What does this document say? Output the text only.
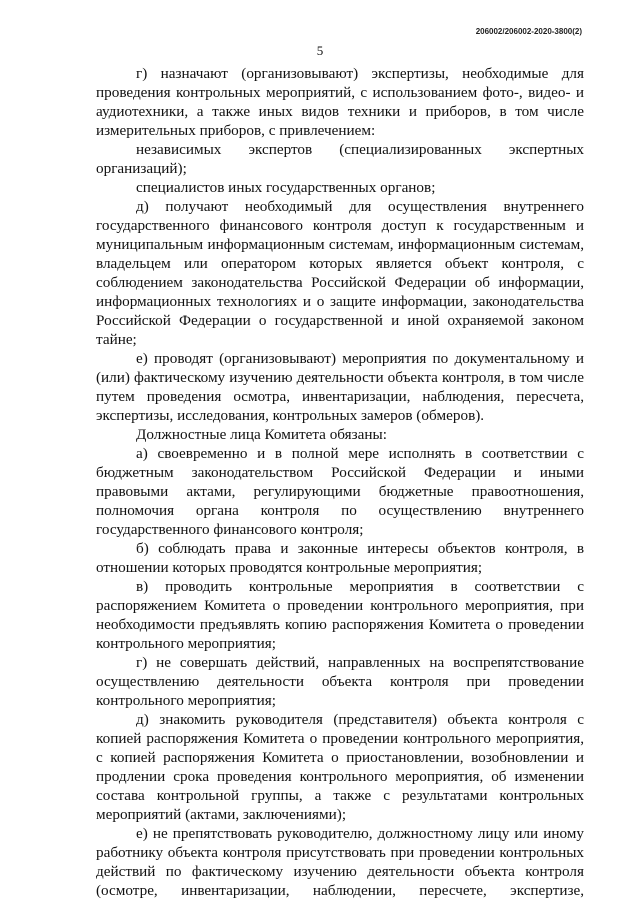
206002/206002-2020-3800(2)
5

г) назначают (организовывают) экспертизы, необходимые для проведения контрольных мероприятий, с использованием фото-, видео- и аудиотехники, а также иных видов техники и приборов, в том числе измерительных приборов, с привлечением:

независимых экспертов (специализированных экспертных организаций);

специалистов иных государственных органов;

д) получают необходимый для осуществления внутреннего государственного финансового контроля доступ к государственным и муниципальным информационным системам, информационным системам, владельцем или оператором которых является объект контроля, с соблюдением законодательства Российской Федерации об информации, информационных технологиях и о защите информации, законодательства Российской Федерации о государственной и иной охраняемой законом тайне;

е) проводят (организовывают) мероприятия по документальному и (или) фактическому изучению деятельности объекта контроля, в том числе путем проведения осмотра, инвентаризации, наблюдения, пересчета, экспертизы, исследования, контрольных замеров (обмеров).

Должностные лица Комитета обязаны:

а) своевременно и в полной мере исполнять в соответствии с бюджетным законодательством Российской Федерации и иными правовыми актами, регулирующими бюджетные правоотношения, полномочия органа контроля по осуществлению внутреннего государственного финансового контроля;

б) соблюдать права и законные интересы объектов контроля, в отношении которых проводятся контрольные мероприятия;

в) проводить контрольные мероприятия в соответствии с распоряжением Комитета о проведении контрольного мероприятия, при необходимости предъявлять копию распоряжения Комитета о проведении контрольного мероприятия;

г) не совершать действий, направленных на воспрепятствование осуществлению деятельности объекта контроля при проведении контрольного мероприятия;

д) знакомить руководителя (представителя) объекта контроля с копией распоряжения Комитета о проведении контрольного мероприятия, с копией распоряжения Комитета о приостановлении, возобновлении и продлении срока проведения контрольного мероприятия, об изменении состава контрольной группы, а также с результатами контрольных мероприятий (актами, заключениями);

е) не препятствовать руководителю, должностному лицу или иному работнику объекта контроля присутствовать при проведении контрольных действий по фактическому изучению деятельности объекта контроля (осмотре, инвентаризации, наблюдении, пересчете, экспертизе,
